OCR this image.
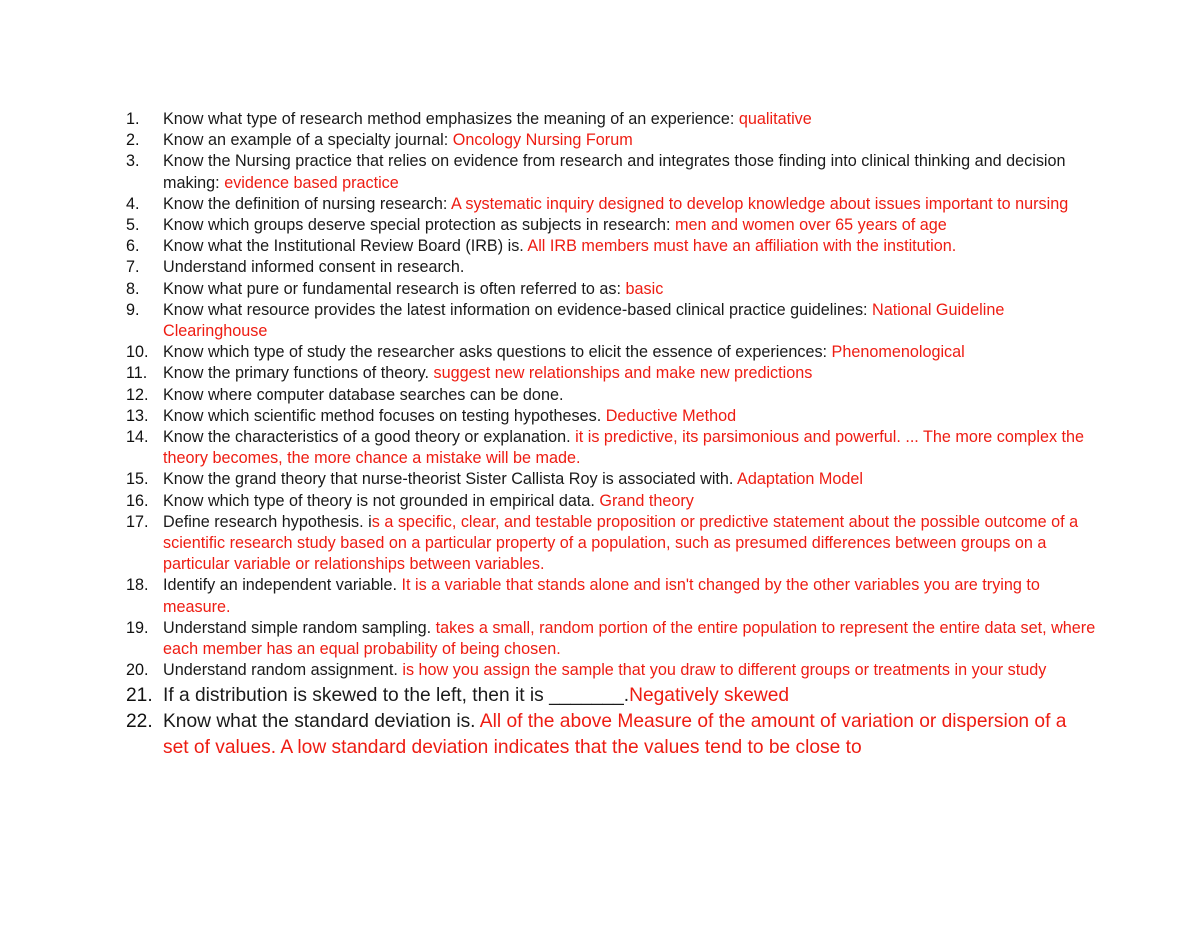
1.	Know what type of research method emphasizes the meaning of an experience: qualitative
2.	Know an example of a specialty journal: Oncology Nursing Forum
3.	Know the Nursing practice that relies on evidence from research and integrates those finding into clinical thinking and decision making: evidence based practice
4.	Know the definition of nursing research: A systematic inquiry designed to develop knowledge about issues important to nursing
5.	Know which groups deserve special protection as subjects in research: men and women over 65 years of age
6.	Know what the Institutional Review Board (IRB) is. All IRB members must have an affiliation with the institution.
7.	Understand informed consent in research.
8.	Know what pure or fundamental research is often referred to as: basic
9.	Know what resource provides the latest information on evidence-based clinical practice guidelines: National Guideline Clearinghouse
10. Know which type of study the researcher asks questions to elicit the essence of experiences: Phenomenological
11. Know the primary functions of theory. suggest new relationships and make new predictions
12. Know where computer database searches can be done.
13. Know which scientific method focuses on testing hypotheses. Deductive Method
14. Know the characteristics of a good theory or explanation. it is predictive, its parsimonious and powerful. ... The more complex the theory becomes, the more chance a mistake will be made.
15. Know the grand theory that nurse-theorist Sister Callista Roy is associated with. Adaptation Model
16. Know which type of theory is not grounded in empirical data. Grand theory
17. Define research hypothesis. is a specific, clear, and testable proposition or predictive statement about the possible outcome of a scientific research study based on a particular property of a population, such as presumed differences between groups on a particular variable or relationships between variables.
18. Identify an independent variable. It is a variable that stands alone and isn't changed by the other variables you are trying to measure.
19. Understand simple random sampling. takes a small, random portion of the entire population to represent the entire data set, where each member has an equal probability of being chosen.
20. Understand random assignment. is how you assign the sample that you draw to different groups or treatments in your study
21. If a distribution is skewed to the left, then it is _______.Negatively skewed
22. Know what the standard deviation is. All of the above Measure of the amount of variation or dispersion of a set of values. A low standard deviation indicates that the values tend to be close to
